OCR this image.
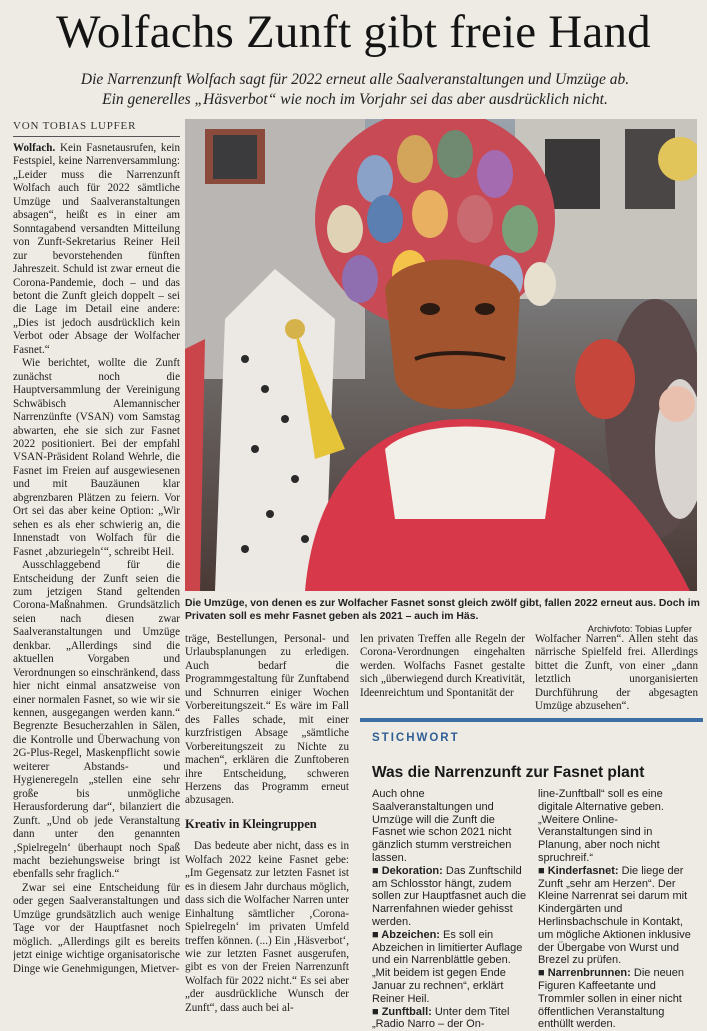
Wolfachs Zunft gibt freie Hand
Die Narrenzunft Wolfach sagt für 2022 erneut alle Saalveranstaltungen und Umzüge ab.
Ein generelles „Häsverbot“ wie noch im Vorjahr sei das aber ausdrücklich nicht.
VON TOBIAS LUPFER

Wolfach. Kein Fasnetausrufen, kein Festspiel, keine Narrenversammlung: „Leider muss die Narrenzunft Wolfach auch für 2022 sämtliche Umzüge und Saalveranstaltungen absagen“, heißt es in einer am Sonntagabend versandten Mitteilung von Zunft-Sekretarius Reiner Heil zur bevorstehenden fünften Jahreszeit. Schuld ist zwar erneut die Corona-Pandemie, doch – und das betont die Zunft gleich doppelt – sei die Lage im Detail eine andere: „Dies ist jedoch ausdrücklich kein Verbot oder Absage der Wolfacher Fasnet.“

Wie berichtet, wollte die Zunft zunächst noch die Hauptversammlung der Vereinigung Schwäbisch Alemannischer Narrenzünfte (VSAN) vom Samstag abwarten, ehe sie sich zur Fasnet 2022 positioniert. Bei der empfahl VSAN-Präsident Roland Wehrle, die Fasnet im Freien auf ausgewiesenen und mit Bauzäunen klar abgrenzbaren Plätzen zu feiern. Vor Ort sei das aber keine Option: „Wir sehen es als eher schwierig an, die Innenstadt von Wolfach für die Fasnet ‚abzuriegeln‘“, schreibt Heil.

Ausschlaggebend für die Entscheidung der Zunft seien die zum jetzigen Stand geltenden Corona-Maßnahmen. Grundsätzlich seien nach diesen zwar Saalveranstaltungen und Umzüge denkbar. „Allerdings sind die aktuellen Vorgaben und Verordnungen so einschränkend, dass hier nicht einmal ansatzweise von einer normalen Fasnet, so wie wir sie kennen, ausgegangen werden kann.“ Begrenzte Besucherzahlen in Sälen, die Kontrolle und Überwachung von 2G-Plus-Regel, Maskenpflicht sowie weiterer Abstands- und Hygieneregeln „stellen eine sehr große bis unmögliche Herausforderung dar“, bilanziert die Zunft. „Und ob jede Veranstaltung dann unter den genannten ‚Spielregeln‘ überhaupt noch Spaß macht beziehungsweise bringt ist ebenfalls sehr fraglich.“

Zwar sei eine Entscheidung für oder gegen Saalveranstaltungen und Umzüge grundsätzlich auch wenige Tage vor der Hauptfasnet noch möglich. „Allerdings gilt es bereits jetzt einige wichtige organisatorische Dinge wie Genehmigungen, Mietver-

Die Umzüge, von denen es zur Wolfacher Fasnet sonst gleich zwölf gibt, fallen 2022 erneut aus. Doch im Privaten soll es mehr Fasnet geben als 2021 – auch im Häs.
Archivfoto: Tobias Lupfer

träge, Bestellungen, Personal- und Urlaubsplanungen zu erledigen. Auch bedarf die Programmgestaltung für Zunftabend und Schnurren einiger Wochen Vorbereitungszeit.“ Es wäre im Fall des Falles schade, mit einer kurzfristigen Absage „sämtliche Vorbereitungszeit zu Nichte zu machen“, erklären die Zunftoberen ihre Entscheidung, schweren Herzens das Programm erneut abzusagen.

Kreativ in Kleingruppen

Das bedeute aber nicht, dass es in Wolfach 2022 keine Fasnet gebe: „Im Gegensatz zur letzten Fasnet ist es in diesem Jahr durchaus möglich, dass sich die Wolfacher Narren unter Einhaltung sämtlicher ‚Corona-Spielregeln‘ im privaten Umfeld treffen können. (...) Ein ‚Häsverbot‘, wie zur letzten Fasnet ausgerufen, gibt es von der Freien Narrenzunft Wolfach für 2022 nicht.“ Es sei aber „der ausdrückliche Wunsch der Zunft“, dass auch bei al-

len privaten Treffen alle Regeln der Corona-Verordnungen eingehalten werden. Wolfachs Fasnet gestalte sich „überwiegend durch Kreativität, Ideenreichtum und Spontanität der

Wolfacher Narren“. Allen steht das närrische Spielfeld frei. Allerdings bittet die Zunft, von einer „dann letztlich unorganisierten Durchführung der abgesagten Umzüge abzusehen“.

STICHWORT
Was die Narrenzunft zur Fasnet plant

Auch ohne Saalveranstaltungen und Umzüge will die Zunft die Fasnet wie schon 2021 nicht gänzlich stumm verstreichen lassen.

■ Dekoration: Das Zunftschild am Schlosstor hängt, zudem sollen zur Hauptfasnet auch die Narrenfahnen wieder gehisst werden.

■ Abzeichen: Es soll ein Abzeichen in limitierter Auflage und ein Narrenblättle geben. „Mit beidem ist gegen Ende Januar zu rechnen“, erklärt Reiner Heil.

■ Zunftball: Unter dem Titel „Radio Narro – der On-

line-Zunftball“ soll es eine digitale Alternative geben. „Weitere Online-Veranstaltungen sind in Planung, aber noch nicht spruchreif.“

■ Kinderfasnet: Die liege der Zunft „sehr am Herzen“. Der Kleine Narrenrat sei darum mit Kindergärten und Herlinsbachschule in Kontakt, um mögliche Aktionen inklusive der Übergabe von Wurst und Brezel zu prüfen.

■ Narrenbrunnen: Die neuen Figuren Kaffeetante und Trommler sollen in einer nicht öffentlichen Veranstaltung enthüllt werden.
